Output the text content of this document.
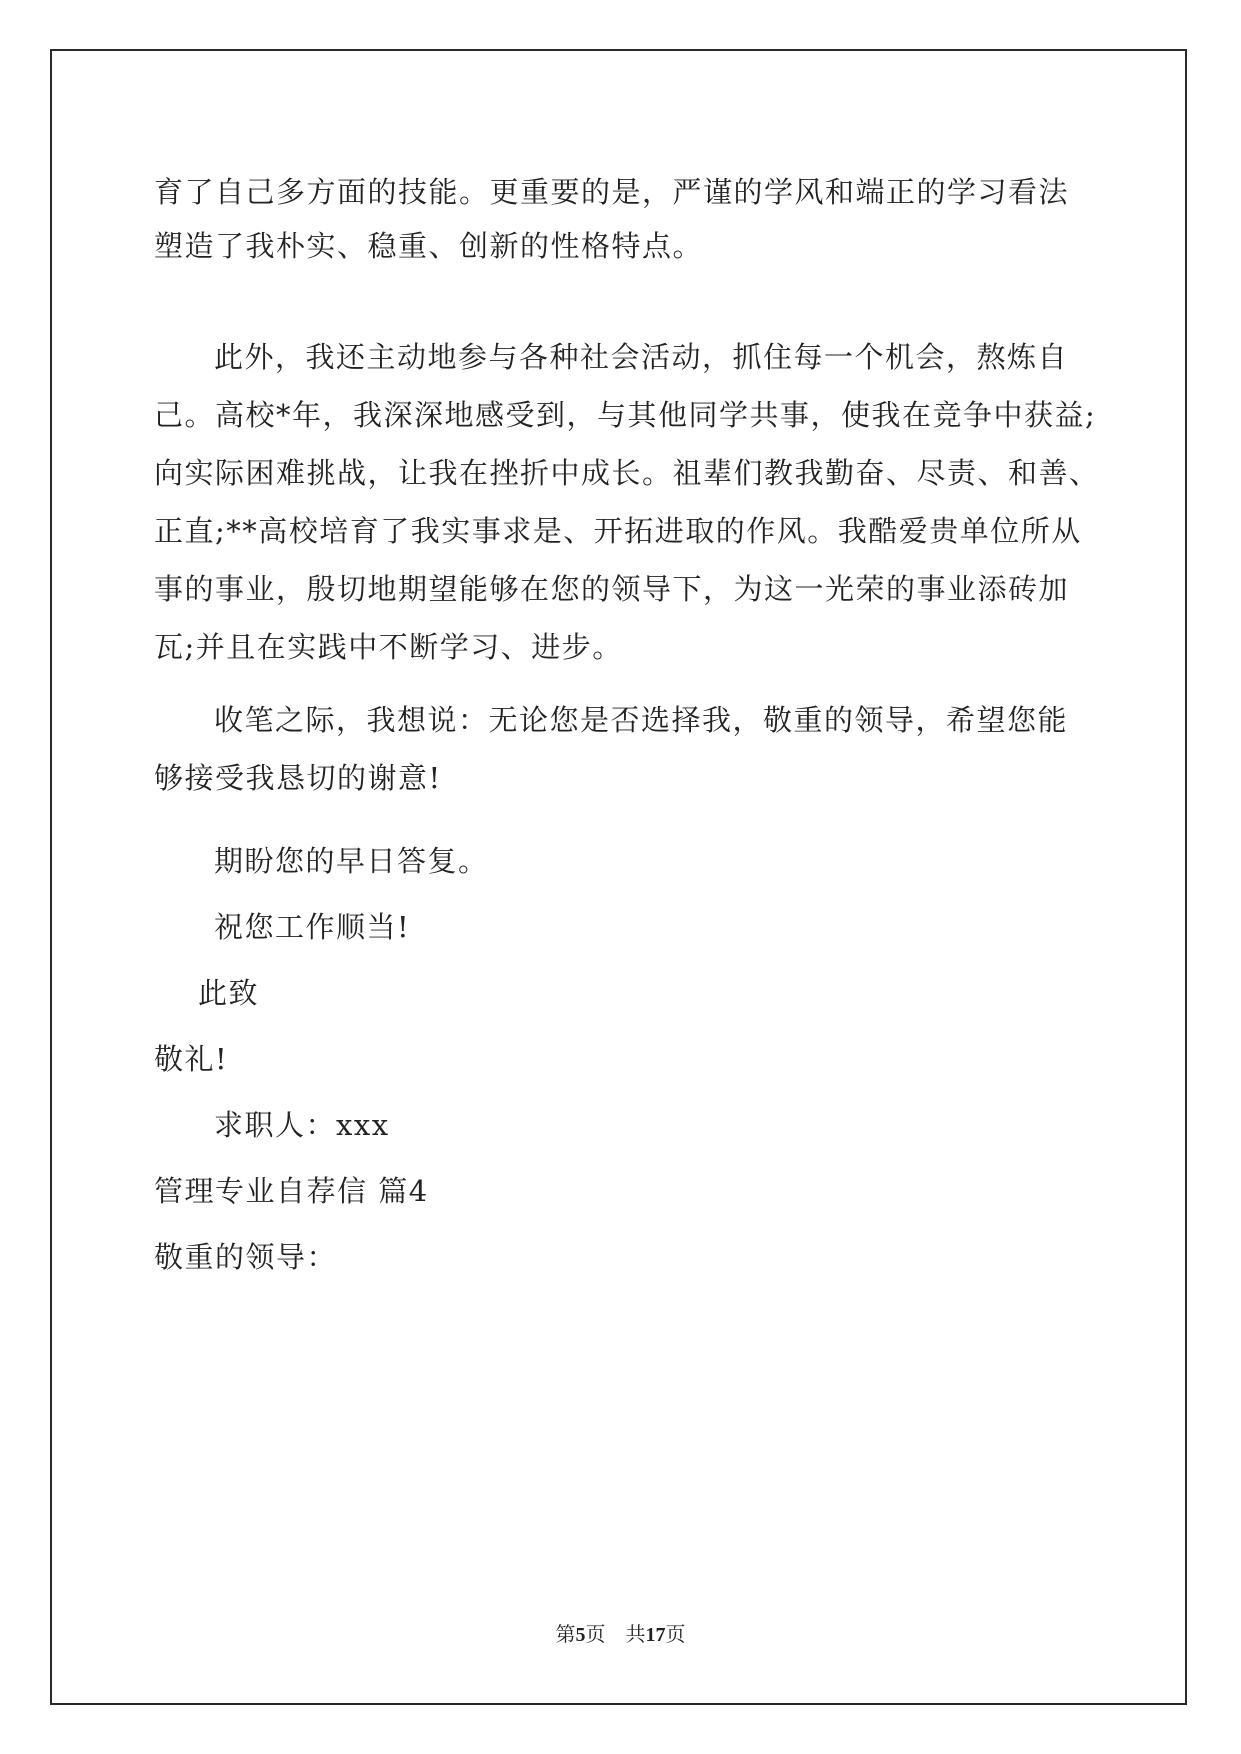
育了自己多方面的技能。更重要的是，严谨的学风和端正的学习看法
塑造了我朴实、稳重、创新的性格特点。
此外，我还主动地参与各种社会活动，抓住每一个机会，熬炼自
己。高校*年，我深深地感受到，与其他同学共事，使我在竞争中获益;
向实际困难挑战，让我在挫折中成长。祖辈们教我勤奋、尽责、和善、
正直;**高校培育了我实事求是、开拓进取的作风。我酷爱贵单位所从
事的事业，殷切地期望能够在您的领导下，为这一光荣的事业添砖加
瓦;并且在实践中不断学习、进步。
收笔之际，我想说：无论您是否选择我，敬重的领导，希望您能
够接受我恳切的谢意!
期盼您的早日答复。
祝您工作顺当!
此致
敬礼!
求职人：xxx
管理专业自荐信 篇4
敬重的领导：
第5页　共17页
